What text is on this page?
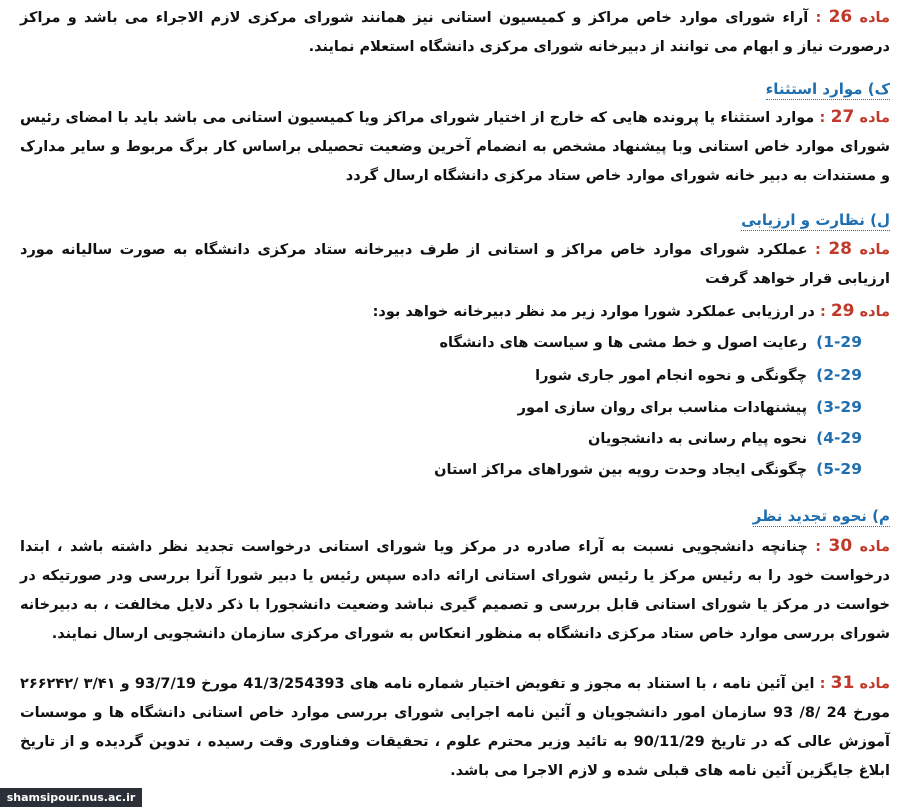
ماده 26 : آراء شورای موارد خاص مراکز و کمیسیون استانی نیز همانند شورای مرکزی لازم الاجراء می باشد و مراکز درصورت نیاز و ابهام می توانند از دبیرخانه شورای مرکزی دانشگاه استعلام نمایند.
ک) موارد استثناء
ماده 27 : موارد استثناء یا پرونده هایی که خارج از اختیار شورای مراکز ویا کمیسیون استانی می باشد باید با امضای رئیس شورای موارد خاص استانی وبا پیشنهاد مشخص به انضمام آخرین وضعیت تحصیلی براساس کار برگ مربوط و سایر مدارک و مستندات به دبیر خانه شورای موارد خاص ستاد مرکزی دانشگاه ارسال گردد
ل) نظارت و ارزیابی
ماده 28 : عملکرد شورای موارد خاص مراکز و استانی از طرف دبیرخانه ستاد مرکزی دانشگاه به صورت سالیانه مورد ارزیابی قرار خواهد گرفت
ماده 29 : در ارزیابی عملکرد شورا موارد زیر مد نظر دبیرخانه خواهد بود:
1-29) رعایت اصول و خط مشی ها و سیاست های دانشگاه
2-29) چگونگی و نحوه انجام امور جاری شورا
3-29) پیشنهادات مناسب برای روان سازی امور
4-29) نحوه پیام رسانی به دانشجویان
5-29) چگونگی ایجاد وحدت رویه بین شوراهای مراکز استان
م) نحوه تجدید نظر
ماده 30 : چنانچه دانشجویی نسبت به آراء صادره در مرکز ویا شورای استانی درخواست تجدید نظر داشته باشد ، ابتدا درخواست خود را به رئیس مرکز یا رئیس شورای استانی ارائه داده سپس رئیس یا دبیر شورا آنرا بررسی ودر صورتیکه در خواست در مرکز یا شورای استانی قابل بررسی و تصمیم گیری نباشد وضعیت دانشجورا با ذکر دلایل مخالفت ، به دبیرخانه شورای بررسی موارد خاص ستاد مرکزی دانشگاه به منظور انعکاس به شورای مرکزی سازمان دانشجویی ارسال نمایند.
ماده 31 : این آئین نامه ، با استناد به مجوز و تفویض اختیار شماره نامه های 41/3/254393 مورخ 93/7/19 و ۳/۴۱ /۲۶۶۲۴۲ مورخ 24 /8/ 93 سازمان امور دانشجویان و آئین نامه اجرایی شورای بررسی موارد خاص استانی دانشگاه ها و موسسات آموزش عالی که در تاریخ 90/11/29 به تائید وزیر محترم علوم ، تحقیقات وفناوری وقت رسیده ، تدوین گردیده و از تاریخ ابلاغ جایگزین آئین نامه های قبلی شده و لازم الاجرا می باشد.
shamsipour.nus.ac.ir
